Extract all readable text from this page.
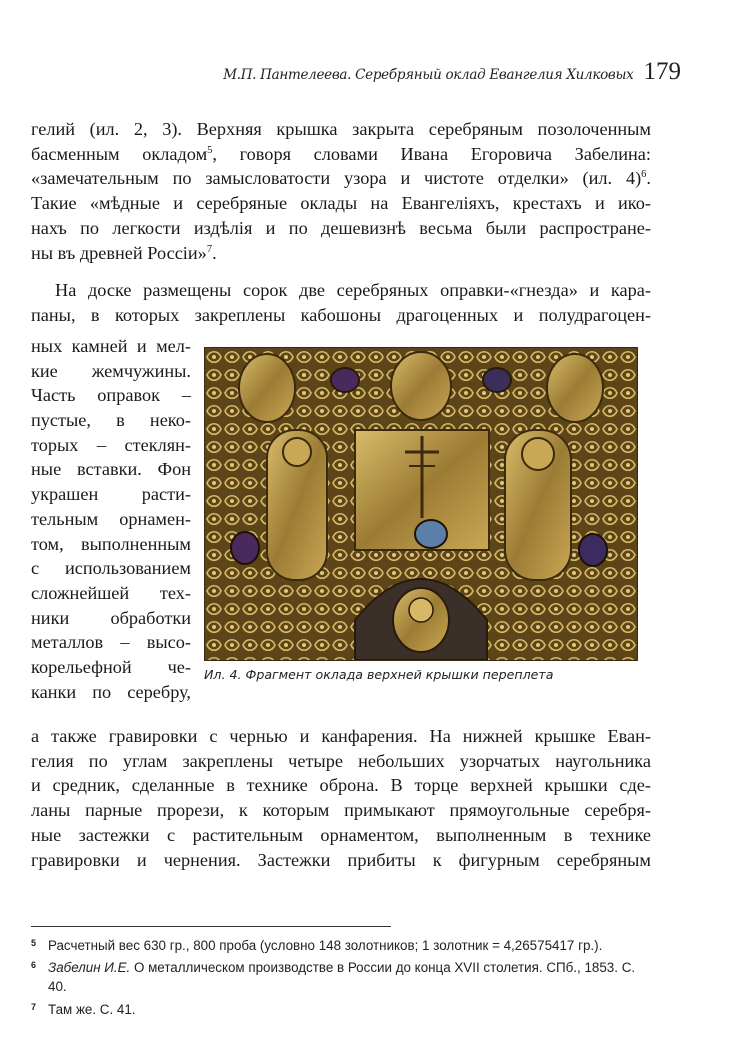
М.П. Пантелеева. Серебряный оклад Евангелия Хилковых 179
гелий (ил. 2, 3). Верхняя крышка закрыта серебряным позолоченным
басменным окладом$^5$, говоря словами Ивана Егоровича Забелина:
«замечательным по замысловатости узора и чистоте отделки» (ил. 4)$^6$.
Такие «мѣдные и серебряные оклады на Евангеліяхъ, крестахъ и ико-
нахъ по легкости издѣлія и по дешевизнѣ весьма были распростране-
ны въ древней Россіи»$^7$.
На доске размещены сорок две серебряных оправки-«гнезда» и кара-
паны, в которых закреплены кабошоны драгоценных и полудрагоцен-
ных камней и мел-
кие жемчужины.
Часть оправок –
пустые, в неко-
торых – стеклян-
ные вставки. Фон
украшен расти-
тельным орнамен-
том, выполненным
с использованием
сложнейшей тех-
ники обработки
металлов – высо-
корельефной че-
канки по серебру,
Ил. 4. Фрагмент оклада верхней крышки переплета
а также гравировки с чернью и канфарения. На нижней крышке Еван-
гелия по углам закреплены четыре небольших узорчатых наугольника
и средник, сделанные в технике оброна. В торце верхней крышки сде-
ланы парные прорези, к которым примыкают прямоугольные серебря-
ные застежки с растительным орнаментом, выполненным в технике
гравировки и чернения. Застежки прибиты к фигурным серебряным
5 Расчетный вес 630 гр., 800 проба (условно 148 золотников; 1 золотник = 4,26575417 гр.).
6 Забелин И.Е. О металлическом производстве в России до конца XVII столетия. СПб., 1853. С. 40.
7 Там же. С. 41.
